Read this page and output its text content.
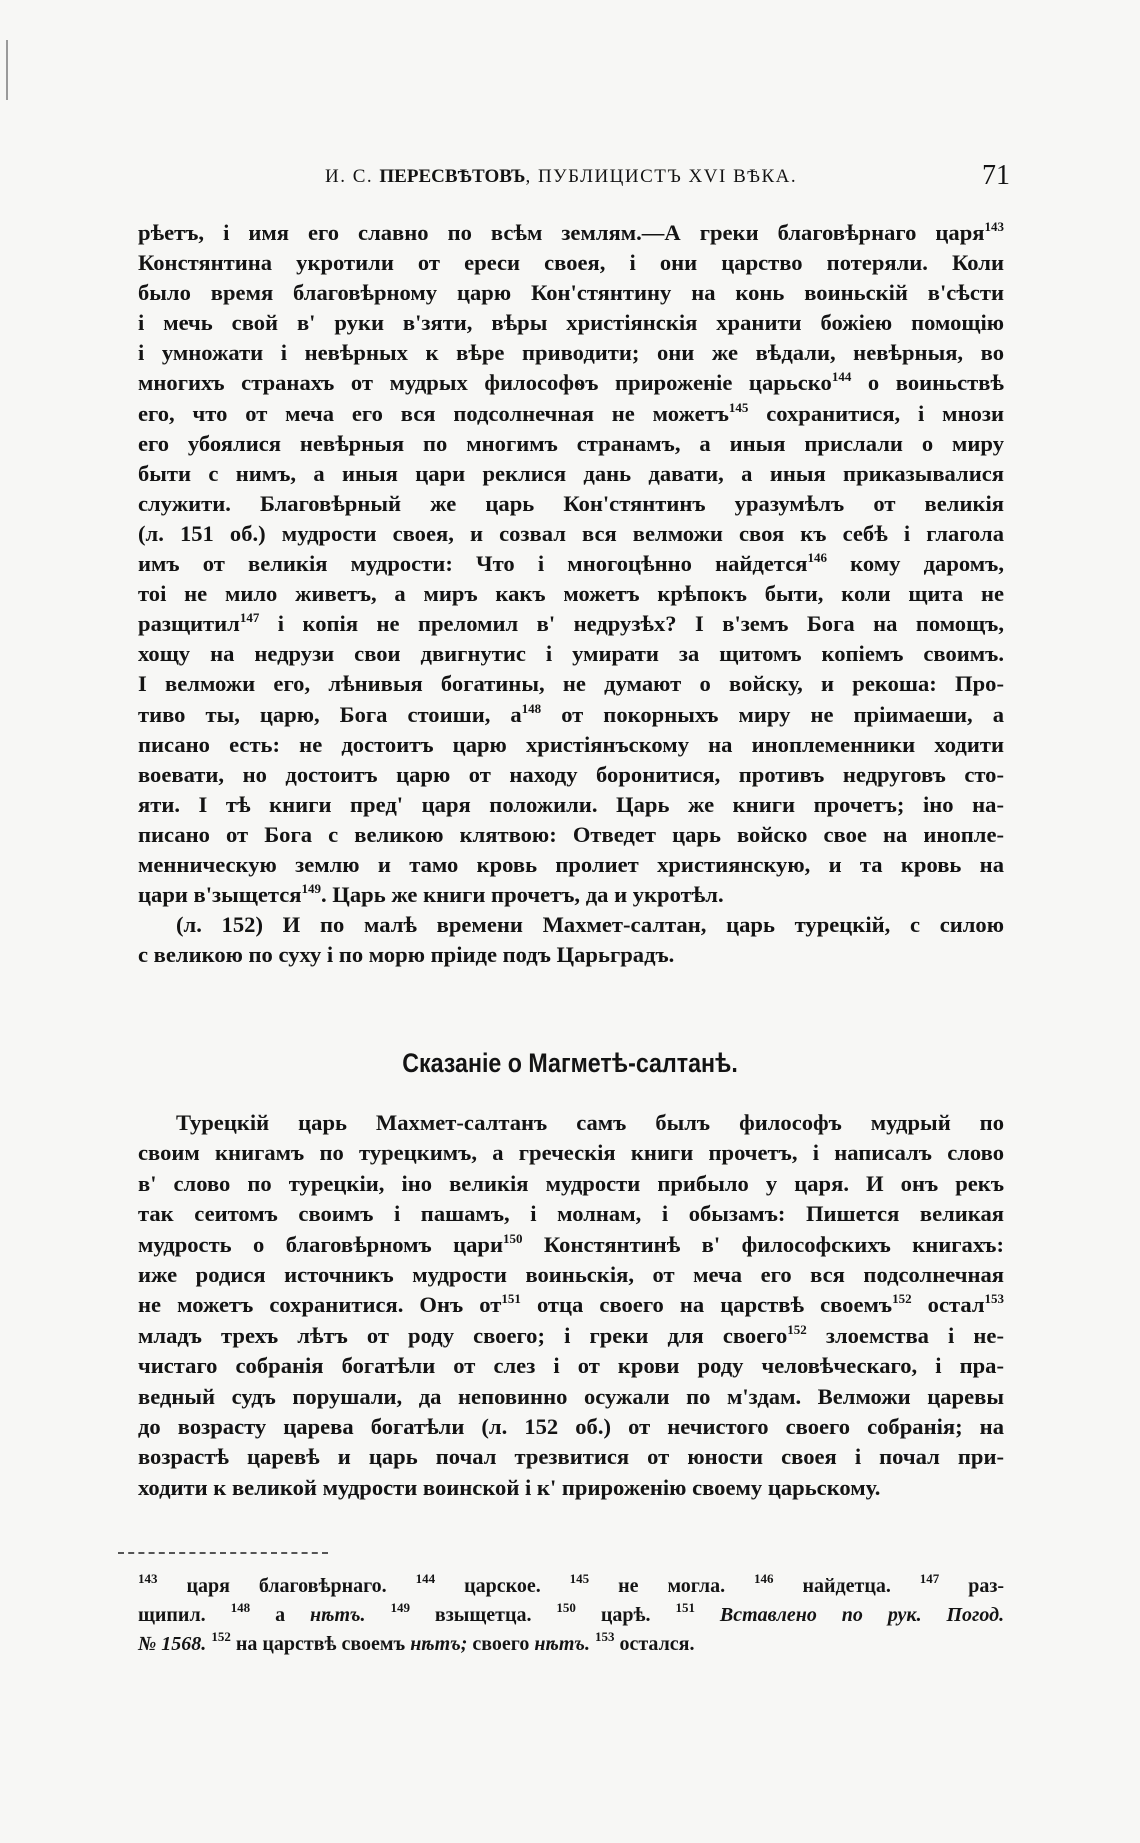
И. С. ПЕРЕСВѢТОВЪ, ПУБЛИЦИСТЪ XVI ВѢКА.	71
рѣетъ, і имя его славно по всѣм землям.—А греки благовѣрнаго царя$^{143}$
Констянтина укротили от ереси своея, і они царство потеряли. Коли
было время благовѣрному царю Кон'стянтину на конь воиньскій в'сѣсти
і мечь свой в' руки в'зяти, вѣры христіянскія хранити божіею помощію
і умножати і невѣрных к вѣре приводити; они же вѣдали, невѣрныя, во
многихъ странахъ от мудрых философѳъ прироженіе царьско$^{144}$ о воиньствѣ
его, что от меча его вся подсолнечная не можетъ$^{145}$ сохранитися, і мнози
его убоялися невѣрныя по многимъ странамъ, а иныя прислали о миру
быти с нимъ, а иныя цари реклися дань давати, а иныя приказывалися
служити. Благовѣрный же царь Кон'стянтинъ уразумѣлъ от великія
(л. 151 об.) мудрости своея, и созвал вся велможи своя къ себѣ і глагола
имъ от великія мудрости: Что і многоцѣнно найдется$^{146}$ кому даромъ,
тоі не мило живетъ, а миръ какъ можетъ крѣпокъ быти, коли щита не
разщитил$^{147}$ і копія не преломил в' недрузѣх? І в'земъ Бога на помощъ,
хощу на недрузи свои двигнутис і умирати за щитомъ копіемъ своимъ.
І велможи его, лѣнивыя богатины, не думают о войску, и рекоша: Про-
тиво ты, царю, Бога стоиши, $а^{148}$ от покорныхъ миру не пріимаеши, а
писано есть: не достоитъ царю христіянъскому на иноплеменники ходити
воевати, но достоитъ царю от находу боронитися, противъ недруговъ сто-
яти. І тѣ книги пред' царя положили. Царь же книги прочетъ; іно на-
писано от Бога с великою клятвою: Отведет царь войско свое на инопле-
менническую землю и тамо кровь пролиет християнскую, и та кровь на
цари в'зыщется$^{149}$. Царь же книги прочетъ, да и укротѣл.
(л. 152) И по малѣ времени Махмет-салтан, царь турецкій, с силою
с великою по суху і по морю пріиде подъ Царьградъ.
Сказаніе о Магметѣ-салтанѣ.
Турецкій царь Махмет-салтанъ самъ былъ философъ мудрый по
своим книгамъ по турецкимъ, а греческія книги прочетъ, і написалъ слово
в' слово по турецкіи, іно великія мудрости прибыло у царя. И онъ рекъ
так сеитомъ своимъ і пашамъ, і молнам, і обызамъ: Пишется великая
мудрость о благовѣрномъ цари$^{150}$ Констянтинѣ в' философскихъ книгахъ:
иже родися источникъ мудрости воиньскія, от меча его вся подсолнечная
не можетъ сохранитися. Онъ $от^{151}$ отца своего на царствѣ своемъ$^{152}$ остал$^{153}$
младъ трехъ лѣтъ от роду своего; і греки для своего$^{152}$ злоемства і не-
чистаго собранія богатѣли от слез і от крови роду человѣческаго, і пра-
ведный судъ порушали, да неповинно осужали по м'здам. Велможи царевы
до возрасту царева богатѣли (л. 152 об.) от нечистого своего собранія; на
возрастѣ царевѣ и царь почал трезвитися от юности своея і почал при-
ходити к великой мудрости воинской і к' прироженію своему царьскому.
$^{143}$ царя благовѣрнаго. $^{144}$ царское. $^{145}$ не могла. $^{146}$ найдетца. $^{147}$ раз-
щипил. $^{148}$ а нѣтъ. $^{149}$ взыщетца. $^{150}$ царѣ. $^{151}$ Вставлено по рук. Погод.
№ 1568. $^{152}$ на царствѣ своемъ нѣтъ; своего нѣтъ. $^{153}$ остался.
